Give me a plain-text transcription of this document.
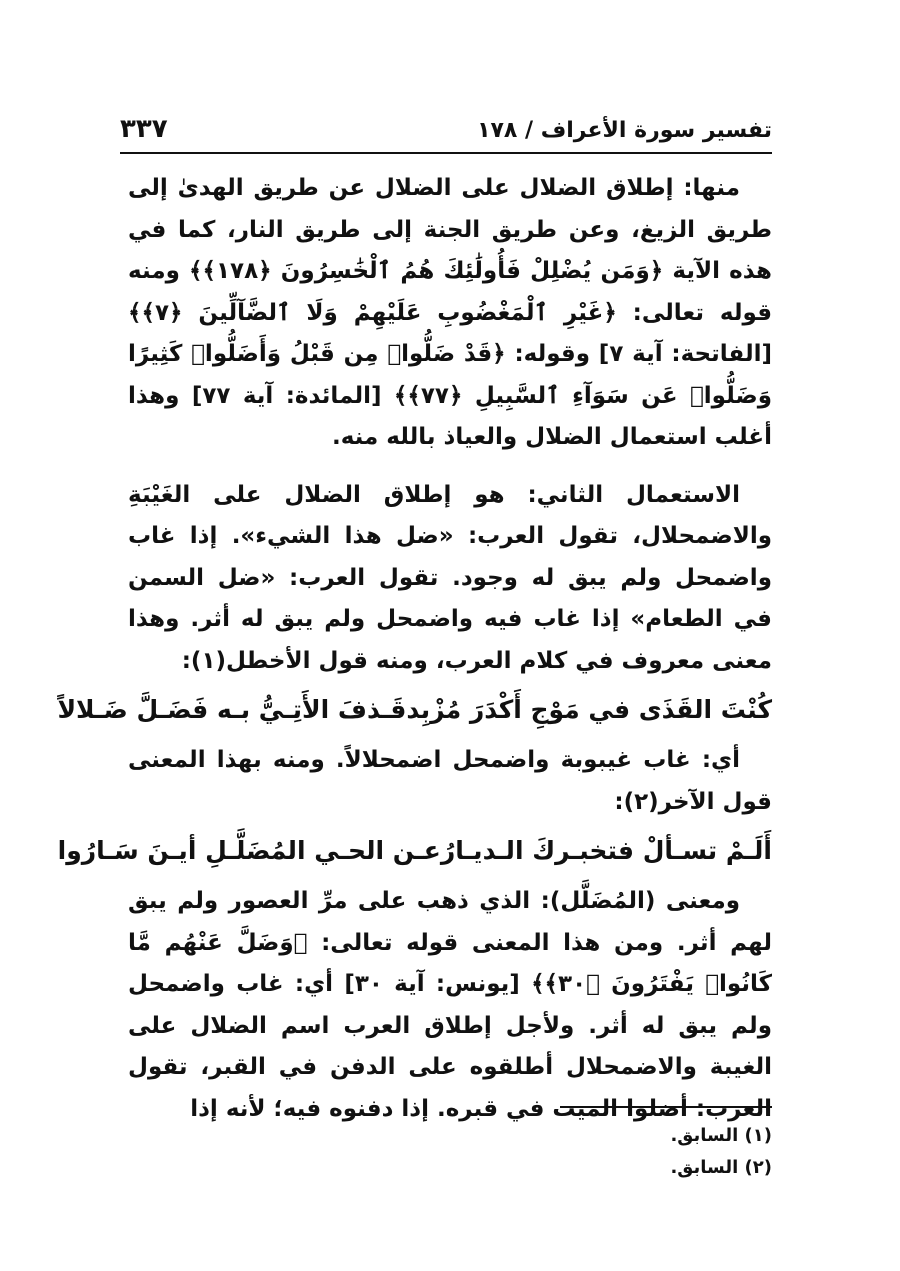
تفسير سورة الأعراف / ١٧٨
٣٣٧

منها: إطلاق الضلال على الضلال عن طريق الهدىٰ إلى طريق الزيغ، وعن طريق الجنة إلى طريق النار، كما في هذه الآية ﴿وَمَن يُضْلِلْ فَأُولَٰئِكَ هُمُ ٱلْخَٰسِرُونَ ﴿١٧٨﴾﴾ ومنه قوله تعالى: ﴿غَيْرِ ٱلْمَغْضُوبِ عَلَيْهِمْ وَلَا ٱلضَّآلِّينَ ﴿٧﴾﴾ [الفاتحة: آية ٧] وقوله: ﴿قَدْ ضَلُّوا۟ مِن قَبْلُ وَأَضَلُّوا۟ كَثِيرًا وَضَلُّوا۟ عَن سَوَآءِ ٱلسَّبِيلِ ﴿٧٧﴾﴾ [المائدة: آية ٧٧] وهذا أغلب استعمال الضلال والعياذ بالله منه.

الاستعمال الثاني: هو إطلاق الضلال على الغَيْبَةِ والاضمحلال، تقول العرب: «ضل هذا الشيء». إذا غاب واضمحل ولم يبق له وجود. تقول العرب: «ضل السمن في الطعام» إذا غاب فيه واضمحل ولم يبق له أثر. وهذا معنى معروف في كلام العرب، ومنه قول الأخطل(١):

كُنْتَ القَذَى في مَوْجِ أَكْدَرَ مُزْبِد
قَـذفَ الأَتِـيُّ بـه فَضَـلَّ ضَـلالاً

أي: غاب غيبوبة واضمحل اضمحلالاً. ومنه بهذا المعنى قول الآخر(٢):

أَلَـمْ تسـألْ فتخبـركَ الـديـارُ
عـن الحـي المُضَلَّـلِ أيـنَ سَـارُوا

ومعنى (المُضَلَّل): الذي ذهب على مرِّ العصور ولم يبق لهم أثر. ومن هذا المعنى قوله تعالى: ﴿وَضَلَّ عَنْهُم مَّا كَانُوا۟ يَفْتَرُونَ ﴿٣٠﴾﴾ [يونس: آية ٣٠] أي: غاب واضمحل ولم يبق له أثر. ولأجل إطلاق العرب اسم الضلال على الغيبة والاضمحلال أطلقوه على الدفن في القبر، تقول العرب: أضلوا الميت في قبره. إذا دفنوه فيه؛ لأنه إذا

(١) السابق.
(٢) السابق.
